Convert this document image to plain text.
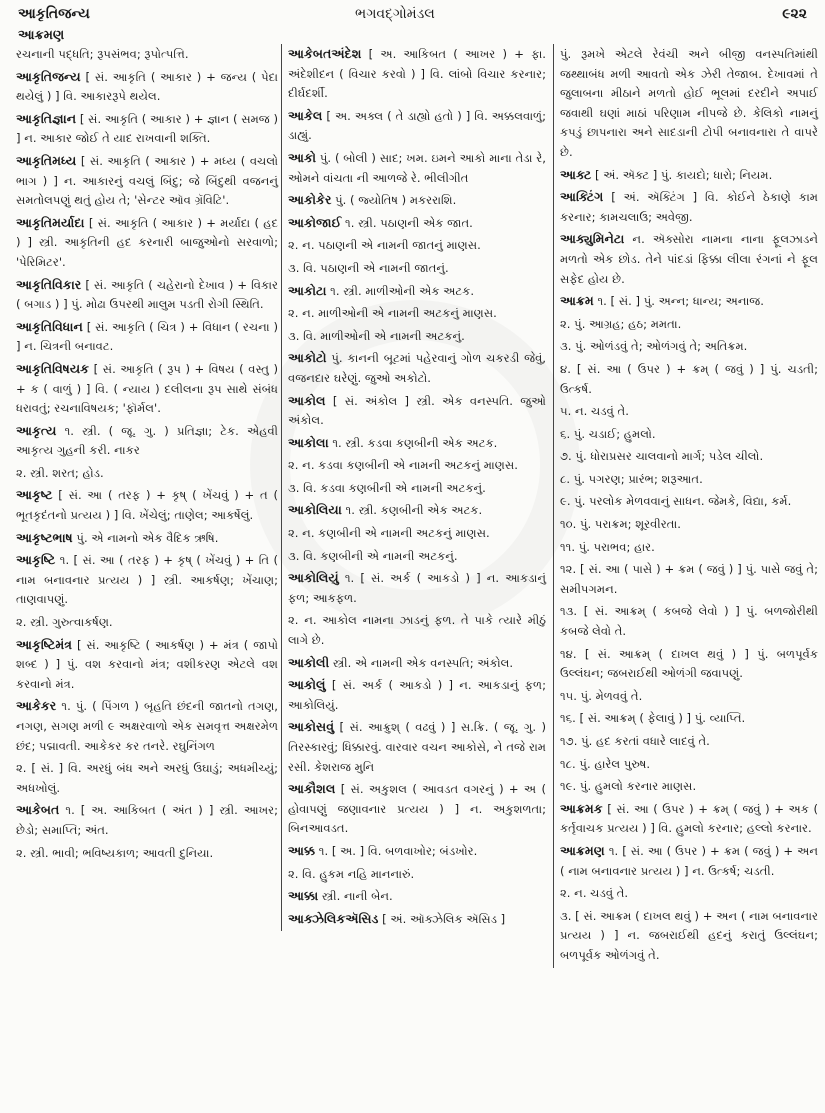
આકૃતિજન્ય
આક્રમણ
ભગવદ્ગોમંડલ	૯૨૨
રચનાની પદ્ધતિ; રૂપસંભવ; રૂપોત્પત્તિ.
આકૃતિજન્ય [ સં. આકૃતિ ( આકાર ) + જન્ય ( પેદા થયેલું ) ] વિ. આકારરૂપે થયેલ.
આકૃતિજ્ઞાન [ સં. આકૃતિ ( આકાર ) + જ્ઞાન ( સમજ ) ] ન. આકાર જોઈ તે યાદ રાખવાની શક્તિ.
આકૃતિમધ્ય [ સં. આકૃતિ ( આકાર ) + મધ્ય ( વચલો ભાગ ) ] ન. આકારનું વચલું બિંદુ; જે બિંદુથી વજનનું સમતોલપણું થતું હોય તે; 'સેન્ટર ઑવ ગ્રૅવિટિ'.
આકૃતિમર્યાદા [ સં. આકૃતિ ( આકાર ) + મર્યાદા ( હદ ) ] સ્ત્રી. આકૃતિની હદ કરનારી બાજુઓનો સરવાળો; 'પેરિમિટર'.
આકૃતિવિકાર [ સં. આકૃતિ ( ચહેરાનો દેખાવ ) + વિકાર ( બગાડ ) ] પું. મોઢા ઉપરથી માલુમ પડતી રોગી સ્થિતિ.
આકૃતિવિધાન [ સં. આકૃતિ ( ચિત્ર ) + વિધાન ( રચના ) ] ન. ચિત્રની બનાવટ.
આકૃતિવિષયક [ સં. આકૃતિ ( રૂપ ) + વિષય ( વસ્તુ ) + ક ( વાળું ) ] વિ. ( ન્યાય ) દલીલના રૂપ સાથે સંબંધ ધરાવતું; રચનાવિષયક; 'ફૉર્મલ'.
આકૃત્ય ૧. સ્ત્રી. ( જૂ. ગુ. ) પ્રતિજ્ઞા; ટેક. એહવી આકૃત્ય ગુહની કરી. નાકર
૨. સ્ત્રી. શરત; હોડ.
આકૃષ્ટ [ સં. આ ( તરફ ) + કૃષ્ ( ખેંચવું ) + ત ( ભૂતકૃદંતનો પ્રત્યય ) ] વિ. ખેંચેલું; તાણેલ; આકર્ષેલું.
આકૃષ્ટભાષ પું. એ નામનો એક વૈદિક ઋષિ.
આકૃષ્ટિ ૧. [ સં. આ ( તરફ ) + કૃષ્ ( ખેંચવું ) + તિ ( નામ બનાવનાર પ્રત્યય ) ] સ્ત્રી. આકર્ષણ; ખેંચાણ; તાણવાપણું.
૨. સ્ત્રી. ગુરુત્વાકર્ષણ.
આકૃષ્ટિમંત્ર [ સં. આકૃષ્ટિ ( આકર્ષણ ) + મંત્ર ( જાપો શબ્દ ) ] પું. વશ કરવાનો મંત્ર; વશીકરણ એટલે વશ કરવાનો મંત્ર.
આકેકર ૧. પું. ( પિંગળ ) બૃહતિ છંદની જાતનો તગણ, નગણ, સગણ મળી ૯ અક્ષરવાળો એક સમવૃત્ત અક્ષરમેળ છંદ; પદ્માવતી. આકેકર કર તનરે. રઘુનિંગળ
૨. [ સં. ] વિ. અરધું બંધ અને અરધું ઉઘાડું; અધમીચ્યું; અધખોલું.
આકેબત ૧. [ અ. આકિબત ( અંત ) ] સ્ત્રી. આખર; છેડો; સમાપ્તિ; અંત.
૨. સ્ત્રી. ભાવી; ભવિષ્યકાળ; આવતી દુનિયા.
આકેબતઅંદેશ [ અ. આકિબત ( આખર ) + ફા. અંદેશીદન ( વિચાર કરવો ) ] વિ. લાંબો વિચાર કરનાર; દીર્ઘદર્શી.
આકેલ [ અ. અક્લ ( તે ડાહ્યો હતો ) ] વિ. અક્કલવાળું; ડાહ્યું.
આકો પું. ( બોલી ) સાદ; ખમ. ઇમને આકો માના તેડા રે, ઓમને વાંચતા ની આળજે રે. ભીલીગીત
આકોકેર પું. ( જ્યોતિષ ) મકરરાશિ.
આકોજાઈ ૧. સ્ત્રી. પઠાણની એક જાત.
૨. ન. પઠાણની એ નામની જાતનું માણસ.
૩. વિ. પઠાણની એ નામની જાતનું.
આકોટા ૧. સ્ત્રી. માળીઓની એક અટક.
૨. ન. માળીઓની એ નામની અટકનું માણસ.
૩. વિ. માળીઓની એ નામની અટકનું.
આકોટો પું. કાનની બૂટમાં પહેરવાનું ગોળ ચકરડી જેવું, વજનદાર ઘરેણું. જુઓ અકોટો.
આકોલ [ સં. અંકોલ ] સ્ત્રી. એક વનસ્પતિ. જુઓ અંકોલ.
આકોલા ૧. સ્ત્રી. કડવા કણબીની એક અટક.
૨. ન. કડવા કણબીની એ નામની અટકનું માણસ.
૩. વિ. કડવા કણબીની એ નામની અટકનું.
આકોલિયા ૧. સ્ત્રી. કણબીની એક અટક.
૨. ન. કણબીની એ નામની અટકનું માણસ.
૩. વિ. કણબીની એ નામની અટકનું.
આકોલિયું ૧. [ સં. અર્ક ( આકડો ) ] ન. આકડાનું ફળ; આકફળ.
૨. ન. આકોલ નામના ઝાડનું ફળ. તે પાકે ત્યારે મીઠું લાગે છે.
આકોલી સ્ત્રી. એ નામની એક વનસ્પતિ; અંકોલ.
આકોલું [ સં. અર્ક ( આકડો ) ] ન. આકડાનું ફળ; આકોલિયું.
આકોસવું [ સં. આક્રુશ્ ( વઢવું ) ] સ.ક્રિ. ( જૂ. ગુ. ) તિરસ્કારવું; ધિક્કારવું. વારવાર વચન આકોસે, ને તજે રામ રસી. કેશરાજ મુનિ
આકૌશલ [ સં. અકુશલ ( આવડત વગરનું ) + અ ( હોવાપણું જણાવનાર પ્રત્યય ) ] ન. અકુશળતા; બિનઆવડત.
આક્ક ૧. [ અ. ] વિ. બળવાખોર; બંડખોર.
૨. વિ. હુકમ નહિ માનનારું.
આક્કા સ્ત્રી. નાની બેન.
આક્ઝેલિકઍસિડ [ અં. ઑક્ઝેલિક ઍસિડ ]
પું. રૂમખે એટલે રેવંચી અને બીજી વનસ્પતિમાંથી જથ્થાબંધ મળી આવતો એક ઝેરી તેજાબ. દેખાવમાં તે જુલાબના મીઠાને મળતો હોઈ ભૂલમાં દરદીને અપાઈ જવાથી ઘણાં માઠાં પરિણામ નીપજે છે. કેલિકો નામનું કપડું છાપનારા અને સાદડાની ટોપી બનાવનારા તે વાપરે છે.
આક્ટ [ અં. ઍક્ટ ] પું. કાયદો; ધારો; નિયમ.
આક્ટિંગ [ અં. ઍક્ટિંગ ] વિ. કોઈને ઠેકાણે કામ કરનાર; કામચલાઉ; અવેજી.
આક્યુમિનેટા ન. ઍક્સોરા નામના નાના ફૂલઝાડને મળતો એક છોડ. તેને પાંદડાં ફિક્કા લીલા રંગનાં ને ફૂલ સફેદ હોય છે.
આક્રમ ૧. [ સં. ] પું. અન્ન; ધાન્ય; અનાજ.
૨. પું. આગ્રહ; હઠ; મમતા.
૩. પું. ઓળંડવું તે; ઓળંગવું તે; અતિક્રમ.
૪. [ સં. આ ( ઉપર ) + ક્રમ્ ( જવું ) ] પું. ચડતી; ઉત્કર્ષ.
૫. ન. ચડવું તે.
૬. પું. ચડાઈ; હુમલો.
૭. પું. ધોરાપ્રસર ચાલવાનો માર્ગ; પડેલ ચીલો.
૮. પું. પગરણ; પ્રારંભ; શરૂઆત.
૯. પું. પરલોક મેળવવાનું સાધન. જેમકે, વિદ્યા, કર્મ.
૧૦. પું. પરાક્રમ; શૂરવીરતા.
૧૧. પું. પરાભવ; હાર.
૧૨. [ સં. આ ( પાસે ) + ક્રમ ( જવું ) ] પું. પાસે જવું તે; સમીપગમન.
૧૩. [ સં. આક્રમ્ ( કબજે લેવો ) ] પું. બળજોરીથી કબજે લેવો તે.
૧૪. [ સં. આક્રમ્ ( દાખલ થવું ) ] પું. બળપૂર્વક ઉલ્લંઘન; જબરાઈથી ઓળંગી જવાપણું.
૧૫. પું. મેળવવું તે.
૧૬. [ સં. આક્રમ્ ( ફેલાવું ) ] પું. વ્યાપ્તિ.
૧૭. પું. હદ કરતાં વધારે લાદવું તે.
૧૮. પું. હારેલ પુરુષ.
૧૯. પું. હુમલો કરનાર માણસ.
આક્રમક [ સં. આ ( ઉપર ) + ક્રમ્ ( જવું ) + અક ( કર્તૃવાચક પ્રત્યય ) ] વિ. હુમલો કરનાર; હલ્લો કરનાર.
આક્રમણ ૧. [ સં. આ ( ઉપર ) + ક્રમ ( જવું ) + અન ( નામ બનાવનાર પ્રત્યય ) ] ન. ઉત્કર્ષ; ચડતી.
૨. ન. ચડવું તે.
૩. [ સં. આક્રમ ( દાખલ થવું ) + અન ( નામ બનાવનાર પ્રત્યય ) ] ન. જબરાઈથી હદનું કરાતું ઉલ્લંઘન; બળપૂર્વક ઓળંગવું તે.
